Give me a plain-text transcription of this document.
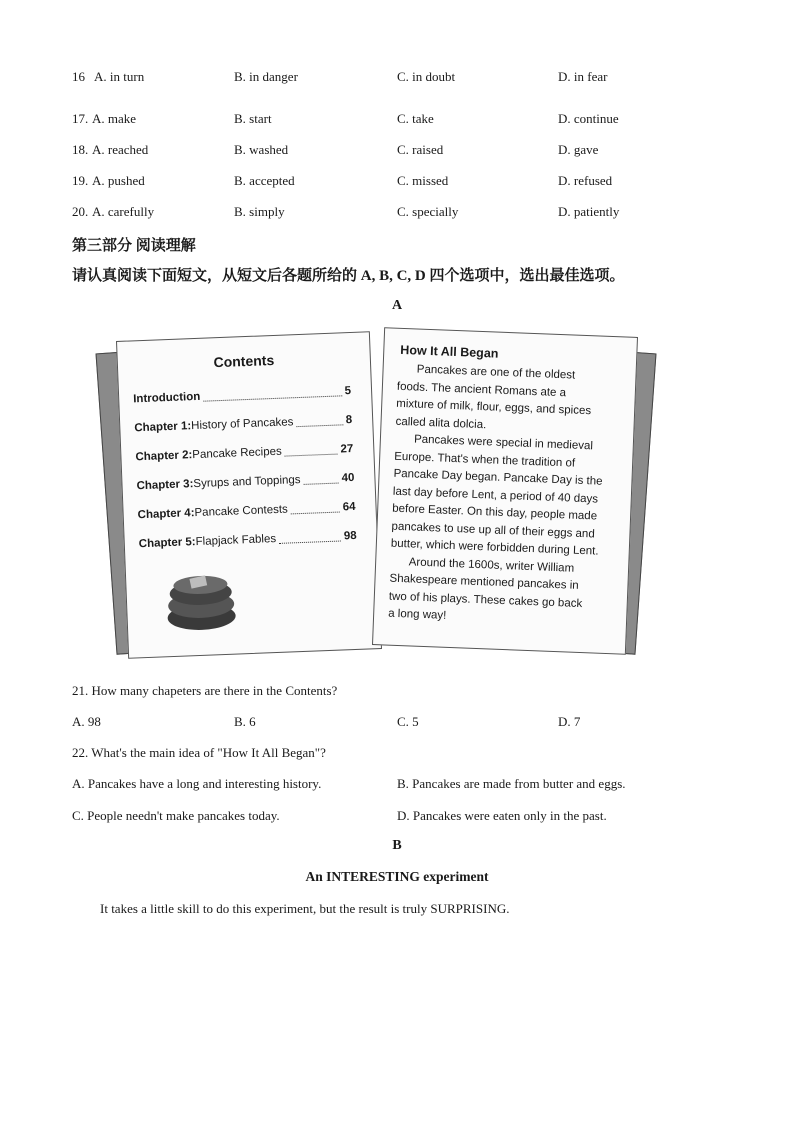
16 A. in turn	B. in danger	C. in doubt	D. in fear
17. A. make	B. start	C. take	D. continue
18. A. reached	B. washed	C. raised	D. gave
19. A. pushed	B. accepted	C. missed	D. refused
20. A. carefully	B. simply	C. specially	D. patiently
第三部分 阅读理解
请认真阅读下面短文，从短文后各题所给的 A, B, C, D 四个选项中，选出最佳选项。
A
Contents
Introduction	5
Chapter 1: History of Pancakes	8
Chapter 2: Pancake Recipes	27
Chapter 3: Syrups and Toppings	40
Chapter 4: Pancake Contests	64
Chapter 5: Flapjack Fables	98
How It All Began
Pancakes are one of the oldest
foods. The ancient Romans ate a
mixture of milk, flour, eggs, and spices
called alita dolcia.
Pancakes were special in medieval
Europe. That's when the tradition of
Pancake Day began. Pancake Day is the
last day before Lent, a period of 40 days
before Easter. On this day, people made
pancakes to use up all of their eggs and
butter, which were forbidden during Lent.
Around the 1600s, writer William
Shakespeare mentioned pancakes in
two of his plays. These cakes go back
a long way!
21. How many chapeters are there in the Contents?
A. 98	B. 6	C. 5	D. 7
22. What's the main idea of "How It All Began"?
A. Pancakes have a long and interesting history.	B. Pancakes are made from butter and eggs.
C. People needn't make pancakes today.	D. Pancakes were eaten only in the past.
B
An INTERESTING experiment
It takes a little skill to do this experiment, but the result is truly SURPRISING.
